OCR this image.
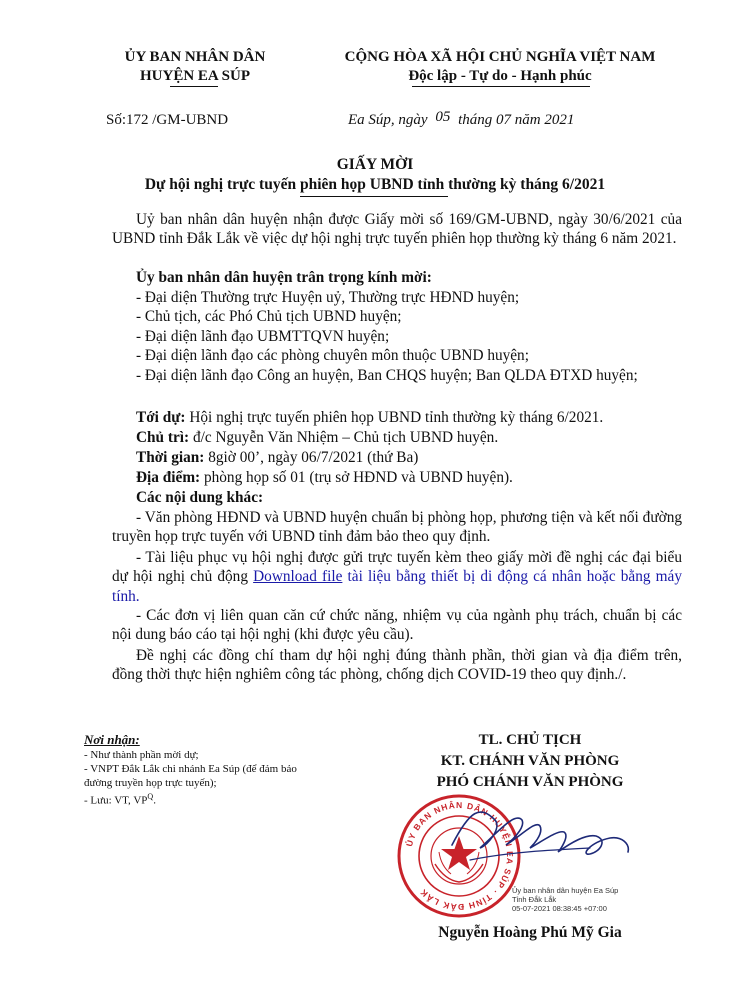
ỦY BAN NHÂN DÂN
HUYỆN EA SÚP
CỘNG HÒA XÃ HỘI CHỦ NGHĨA VIỆT NAM
Độc lập - Tự do - Hạnh phúc
Số:172 /GM-UBND	Ea Súp, ngày 05 tháng 07 năm 2021
GIẤY MỜI
Dự hội nghị trực tuyến phiên họp UBND tỉnh thường kỳ tháng 6/2021
Uỷ ban nhân dân huyện nhận được Giấy mời số 169/GM-UBND, ngày 30/6/2021 của UBND tỉnh Đắk Lắk về việc dự hội nghị trực tuyến phiên họp thường kỳ tháng 6 năm 2021.
Ủy ban nhân dân huyện trân trọng kính mời:
- Đại diện Thường trực Huyện uỷ, Thường trực HĐND huyện;
- Chủ tịch, các Phó Chủ tịch UBND huyện;
- Đại diện lãnh đạo UBMTTQVN huyện;
- Đại diện lãnh đạo các phòng chuyên môn thuộc UBND huyện;
- Đại diện lãnh đạo Công an huyện, Ban CHQS huyện; Ban QLDA ĐTXD huyện;
Tới dự: Hội nghị trực tuyến phiên họp UBND tỉnh thường kỳ tháng 6/2021.
Chủ trì: đ/c Nguyễn Văn Nhiệm – Chủ tịch UBND huyện.
Thời gian: 8giờ 00’, ngày 06/7/2021 (thứ Ba)
Địa điểm: phòng họp số 01 (trụ sở HĐND và UBND huyện).
Các nội dung khác:
- Văn phòng HĐND và UBND huyện chuẩn bị phòng họp, phương tiện và kết nối đường truyền họp trực tuyến với UBND tỉnh đảm bảo theo quy định.
- Tài liệu phục vụ hội nghị được gửi trực tuyến kèm theo giấy mời đề nghị các đại biểu dự hội nghị chủ động Download file tài liệu bằng thiết bị di động cá nhân hoặc bằng máy tính.
- Các đơn vị liên quan căn cứ chức năng, nhiệm vụ của ngành phụ trách, chuẩn bị các nội dung báo cáo tại hội nghị (khi được yêu cầu).
Đề nghị các đồng chí tham dự hội nghị đúng thành phần, thời gian và địa điểm trên, đồng thời thực hiện nghiêm công tác phòng, chống dịch COVID-19 theo quy định./.
Nơi nhận:
- Như thành phần mời dự;
- VNPT Đắk Lắk chi nhánh Ea Súp (để đảm bảo đường truyền họp trực tuyến);
- Lưu: VT, $VP^Q$.
TL. CHỦ TỊCH
KT. CHÁNH VĂN PHÒNG
PHÓ CHÁNH VĂN PHÒNG
ỦY BAN NHÂN DÂN HUYỆN EA SÚP · TỈNH ĐẮK LẮK	Ủy ban nhân dân huyện Ea Súp
Tỉnh Đắk Lắk
05-07-2021 08:38:45 +07:00
Nguyễn Hoàng Phú Mỹ Gia
